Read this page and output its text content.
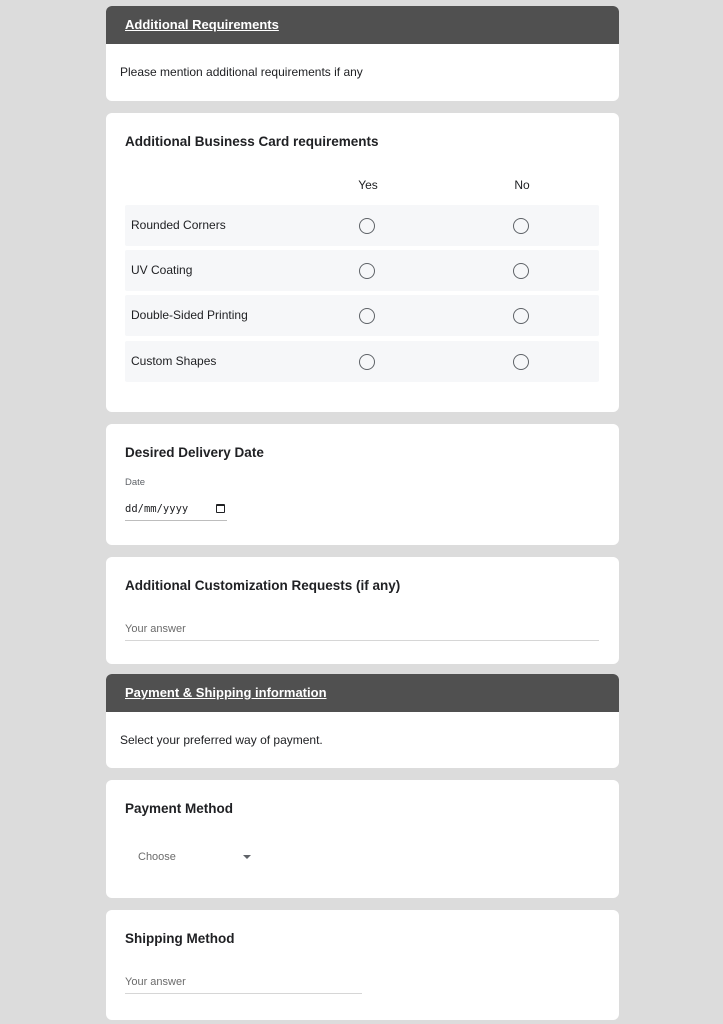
Additional Requirements
Please mention additional requirements if any
Additional Business Card requirements
Yes	No
Rounded Corners
UV Coating
Double-Sided Printing
Custom Shapes
Desired Delivery Date
Date
dd/mm/yyyy
Additional Customization Requests (if any)
Your answer
Payment & Shipping information
Select your preferred way of payment.
Payment Method
Choose
Shipping Method
Your answer
